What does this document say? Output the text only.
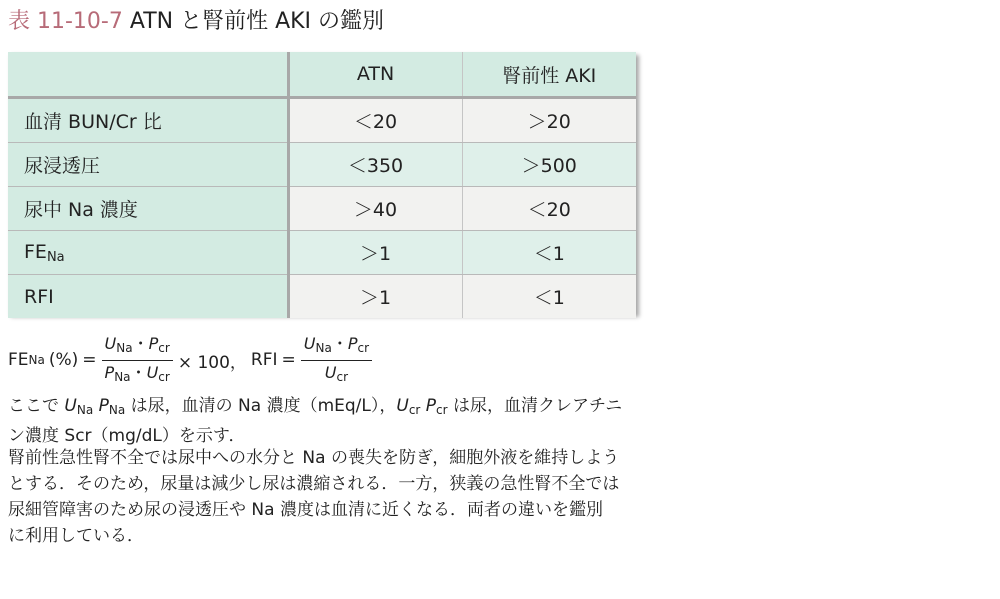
表 11-10-7 ATN と腎前性 AKI の鑑別
	ATN	腎前性 AKI
血清 BUN/Cr 比	＜20	＞20
尿浸透圧	＜350	＞500
尿中 Na 濃度	＞40	＜20
$FE_{Na}$	＞1	＜1
RFI	＞1	＜1
FE Na (%) = $\frac{\text{UNa・Pcr}}{\text{PNa・Ucr}} \times 100$， RFI = $\frac{\text{UNa・Pcr}}{\text{Ucr}}$
ここで UNa PNa は尿，血清の Na 濃度（mEq/L），Ucr Pcr は尿，血清クレアチニ
ン濃度 Scr（mg/dL）を示す．
腎前性急性腎不全では尿中への水分と Na の喪失を防ぎ，細胞外液を維持しよう
とする．そのため，尿量は減少し尿は濃縮される．一方，狭義の急性腎不全では
尿細管障害のため尿の浸透圧や Na 濃度は血清に近くなる．両者の違いを鑑別
に利用している．
